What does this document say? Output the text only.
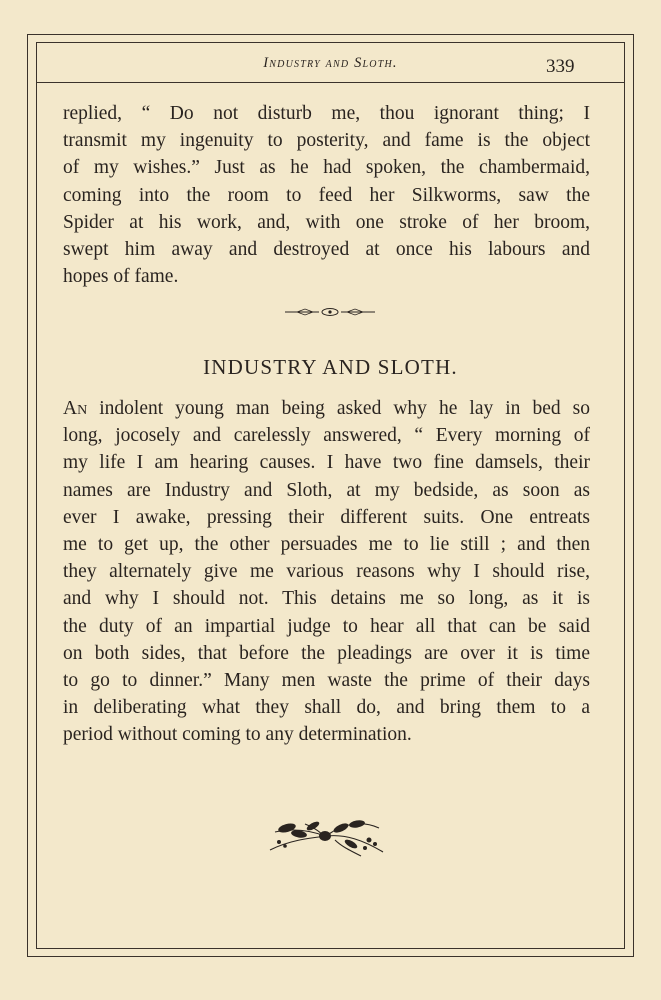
Industry and Sloth.	339

replied, “ Do not disturb me, thou ignorant thing; I
transmit my ingenuity to posterity, and fame is the object
of my wishes.” Just as he had spoken, the chambermaid,
coming into the room to feed her Silkworms, saw the
Spider at his work, and, with one stroke of her broom,
swept him away and destroyed at once his labours and
hopes of fame.

INDUSTRY AND SLOTH.

An indolent young man being asked why he lay in bed so
long, jocosely and carelessly answered, “ Every morning of
my life I am hearing causes. I have two fine damsels, their
names are Industry and Sloth, at my bedside, as soon as
ever I awake, pressing their different suits. One entreats
me to get up, the other persuades me to lie still ; and then
they alternately give me various reasons why I should rise,
and why I should not. This detains me so long, as it is
the duty of an impartial judge to hear all that can be said
on both sides, that before the pleadings are over it is time
to go to dinner.” Many men waste the prime of their days
in deliberating what they shall do, and bring them to a
period without coming to any determination.
